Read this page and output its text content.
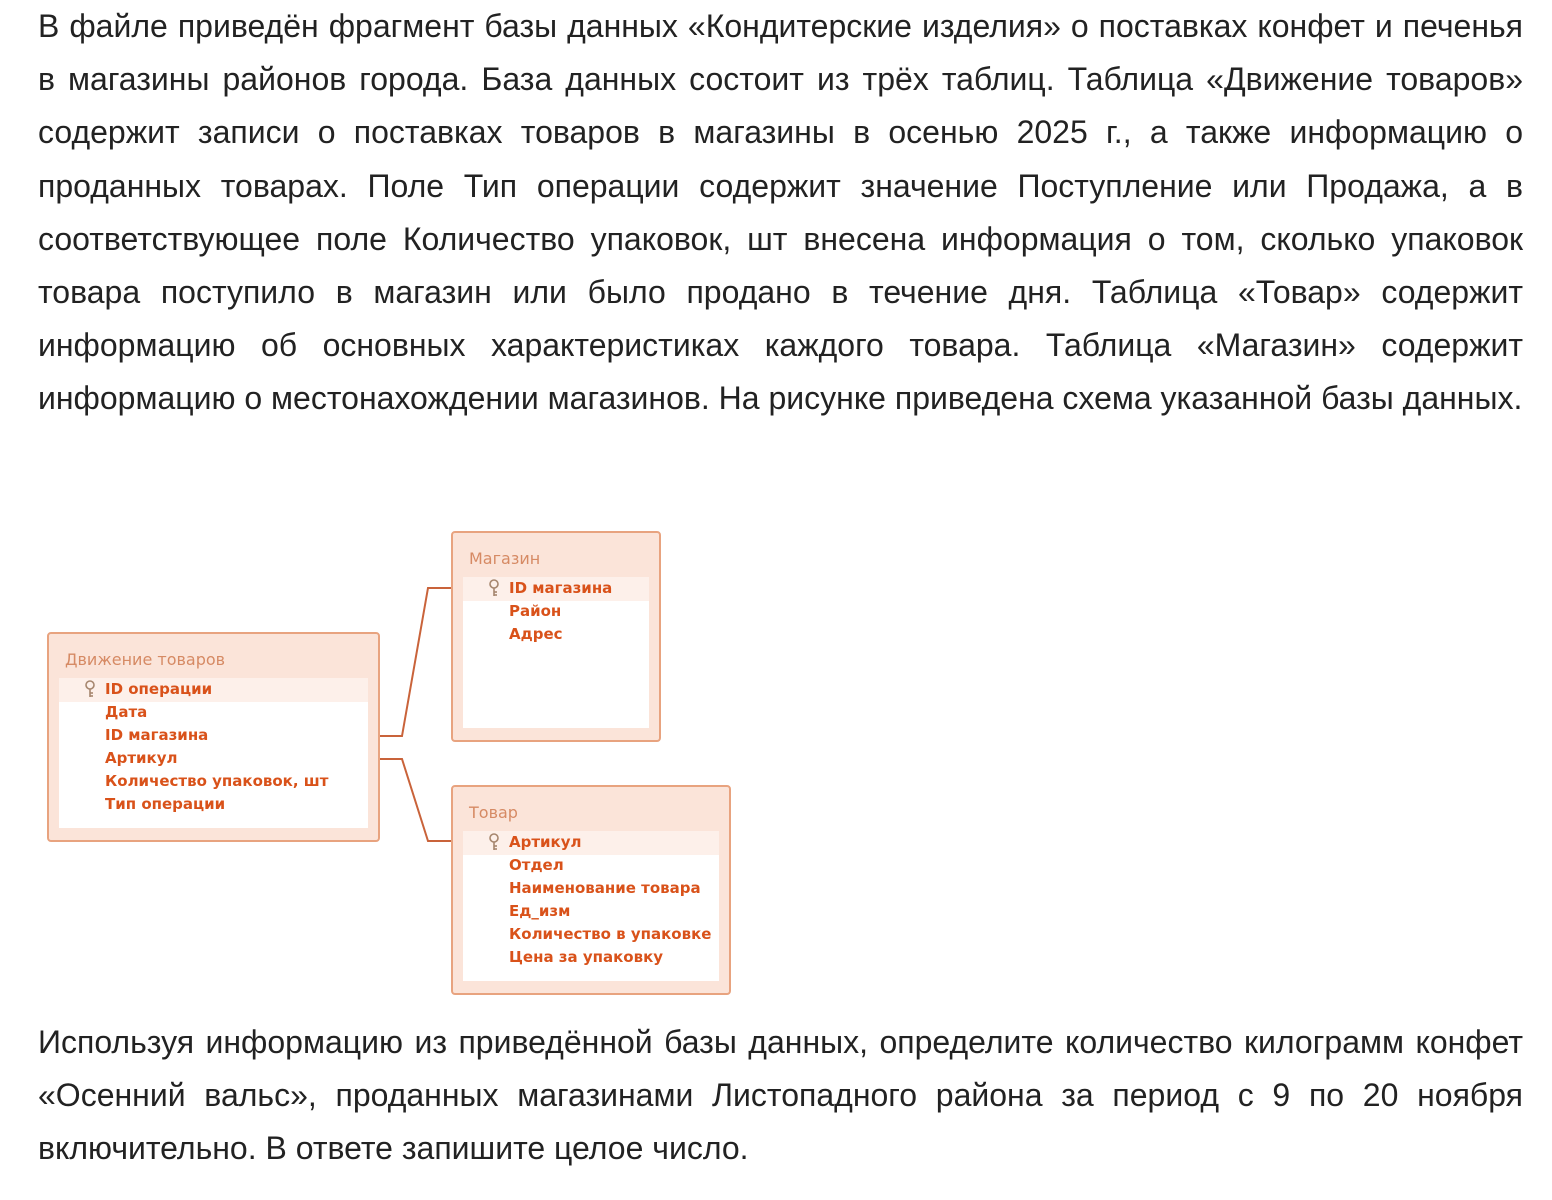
В файле приведён фрагмент базы данных «Кондитерские изделия» о поставках конфет и печенья в магазины районов города. База данных состоит из трёх таблиц. Таблица «Движение товаров» содержит записи о поставках товаров в магазины в осенью 2025 г., а также информацию о проданных товарах. Поле Тип операции содержит значение Поступление или Продажа, а в соответствующее поле Количество упаковок, шт внесена информация о том, сколько упаковок товара поступило в магазин или было продано в течение дня. Таблица «Товар» содержит информацию об основных характеристиках каждого товара. Таблица «Магазин» содержит информацию о местонахождении магазинов. На рисунке приведена схема указанной базы данных.

Движение товаров
ID операции
Дата
ID магазина
Артикул
Количество упаковок, шт
Тип операции
Магазин
ID магазина
Район
Адрес
Товар
Артикул
Отдел
Наименование товара
Ед_изм
Количество в упаковке
Цена за упаковку

Используя информацию из приведённой базы данных, определите количество килограмм конфет «Осенний вальс», проданных магазинами Листопадного района за период с 9 по 20 ноября включительно. В ответе запишите целое число.
